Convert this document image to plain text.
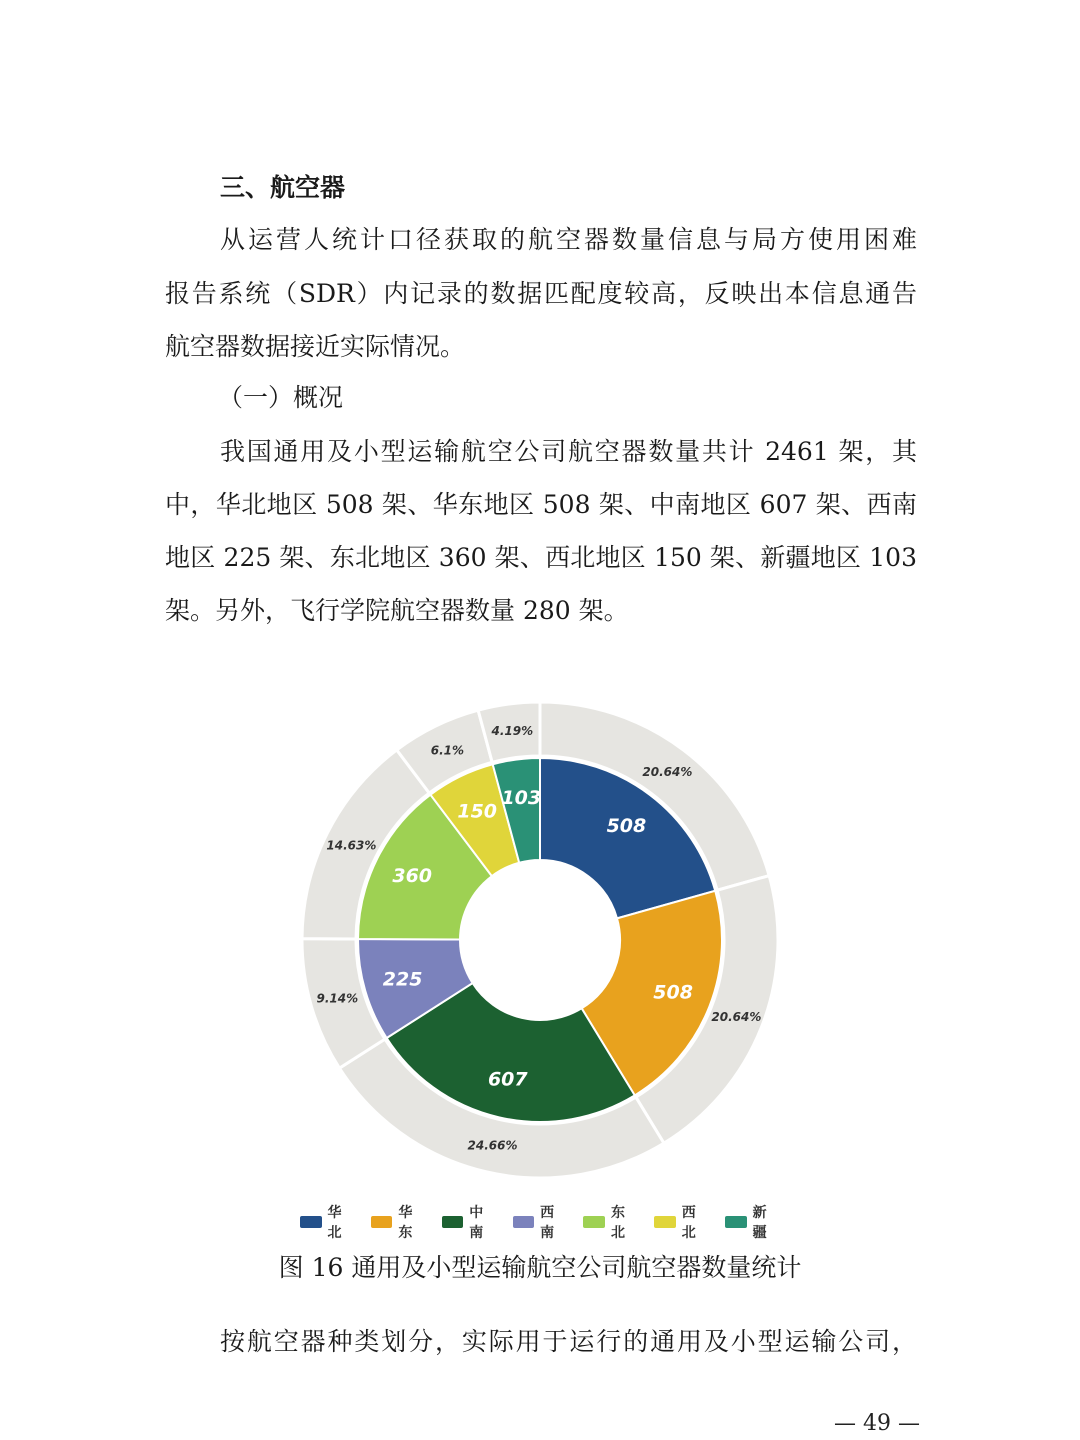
三、航空器
从运营人统计口径获取的航空器数量信息与局方使用困难
报告系统（SDR）内记录的数据匹配度较高，反映出本信息通告
航空器数据接近实际情况。
（一）概况
我国通用及小型运输航空公司航空器数量共计 2461 架，其
中，华北地区 508 架、华东地区 508 架、中南地区 607 架、西南
地区 225 架、东北地区 360 架、西北地区 150 架、新疆地区 103
架。另外，飞行学院航空器数量 280 架。
508
20.64%
508
20.64%
607
24.66%
225
9.14%
360
14.63%
150
6.1%
103
4.19%
华北
华东
中南
西南
东北
西北
新疆
图 16 通用及小型运输航空公司航空器数量统计
按航空器种类划分，实际用于运行的通用及小型运输公司，
— 49 —
